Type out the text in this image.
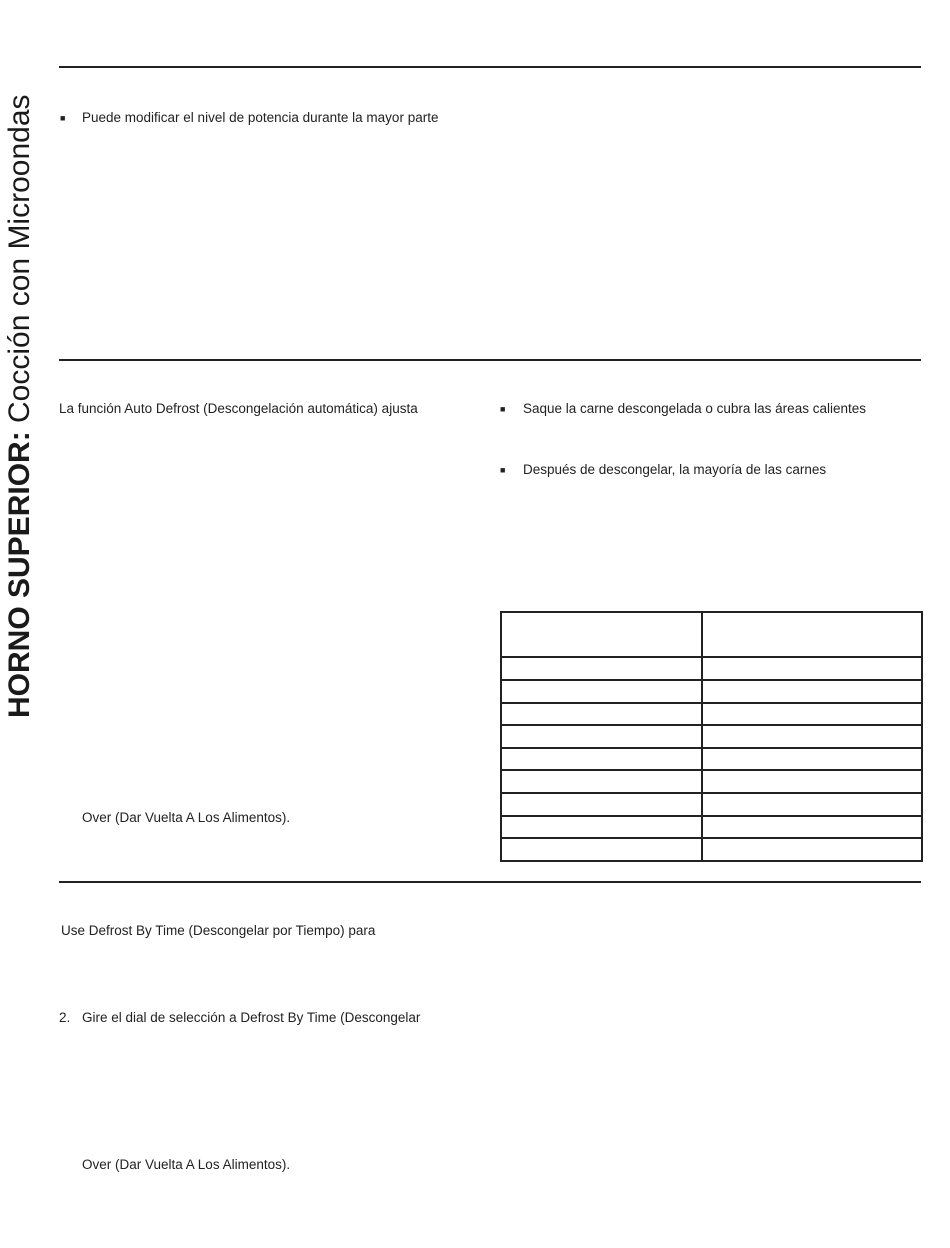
HORNO SUPERIOR: Cocción con Microondas	■ Puede modificar el nivel de potencia durante la mayor parte
La función Auto Defrost (Descongelación automática) ajusta
Over (Dar Vuelta A Los Alimentos).
■ Saque la carne descongelada o cubra las áreas calientes
■ Después de descongelar, la mayoría de las carnes

Use Defrost By Time (Descongelar por Tiempo) para
2. Gire el dial de selección a Defrost By Time (Descongelar
Over (Dar Vuelta A Los Alimentos).
